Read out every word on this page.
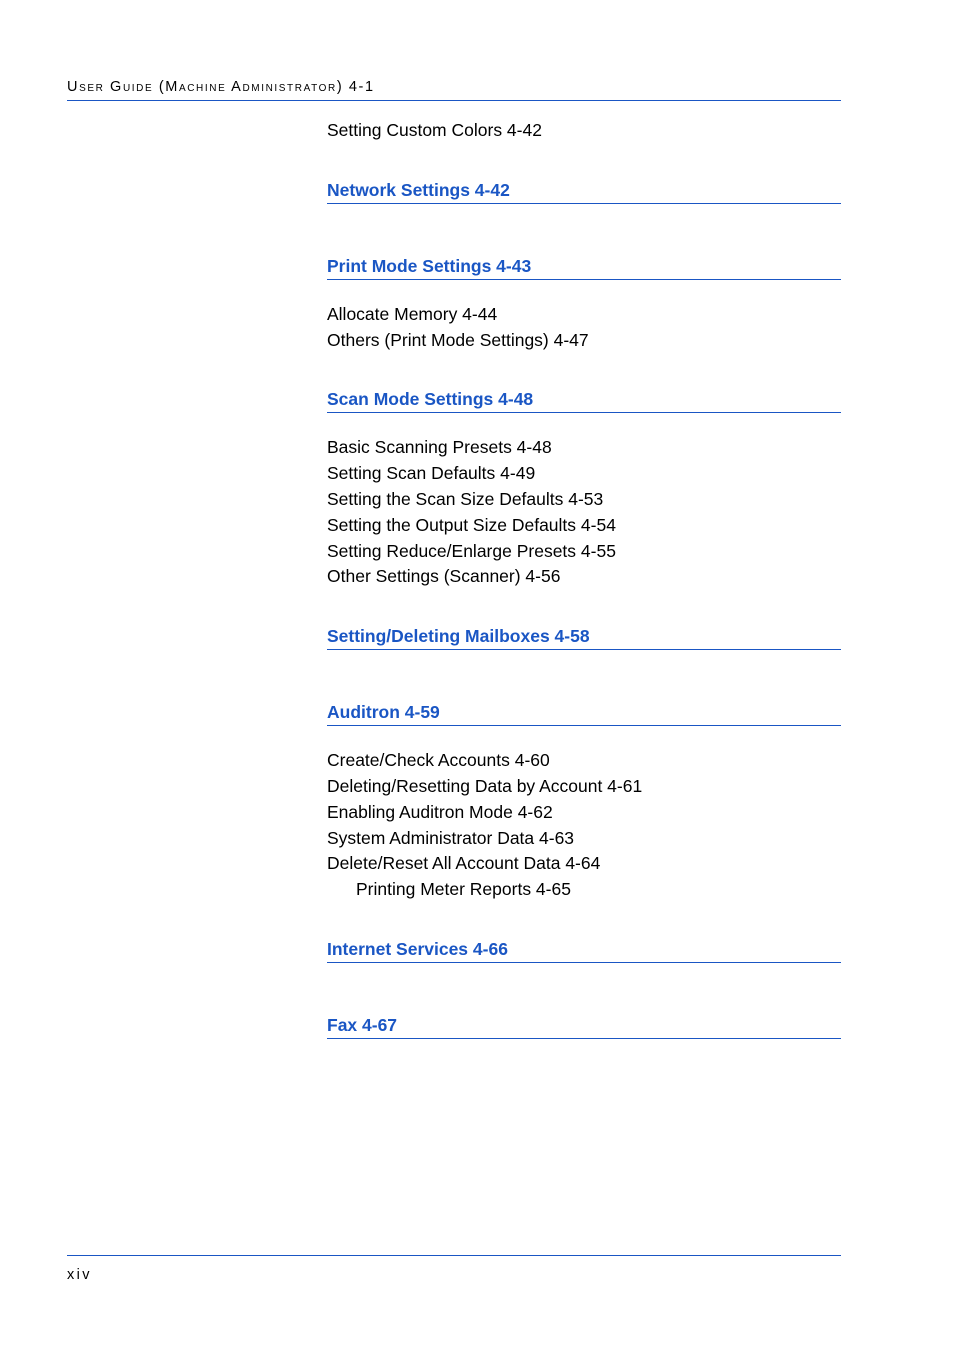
User Guide (Machine Administrator) 4-1
Setting Custom Colors 4-42
Network Settings 4-42
Print Mode Settings 4-43
Allocate Memory 4-44
Others (Print Mode Settings) 4-47
Scan Mode Settings 4-48
Basic Scanning Presets 4-48
Setting Scan Defaults 4-49
Setting the Scan Size Defaults 4-53
Setting the Output Size Defaults 4-54
Setting Reduce/Enlarge Presets 4-55
Other Settings (Scanner) 4-56
Setting/Deleting Mailboxes 4-58
Auditron 4-59
Create/Check Accounts 4-60
Deleting/Resetting Data by Account 4-61
Enabling Auditron Mode 4-62
System Administrator Data 4-63
Delete/Reset All Account Data 4-64
Printing Meter Reports 4-65
Internet Services 4-66
Fax 4-67
xiv
